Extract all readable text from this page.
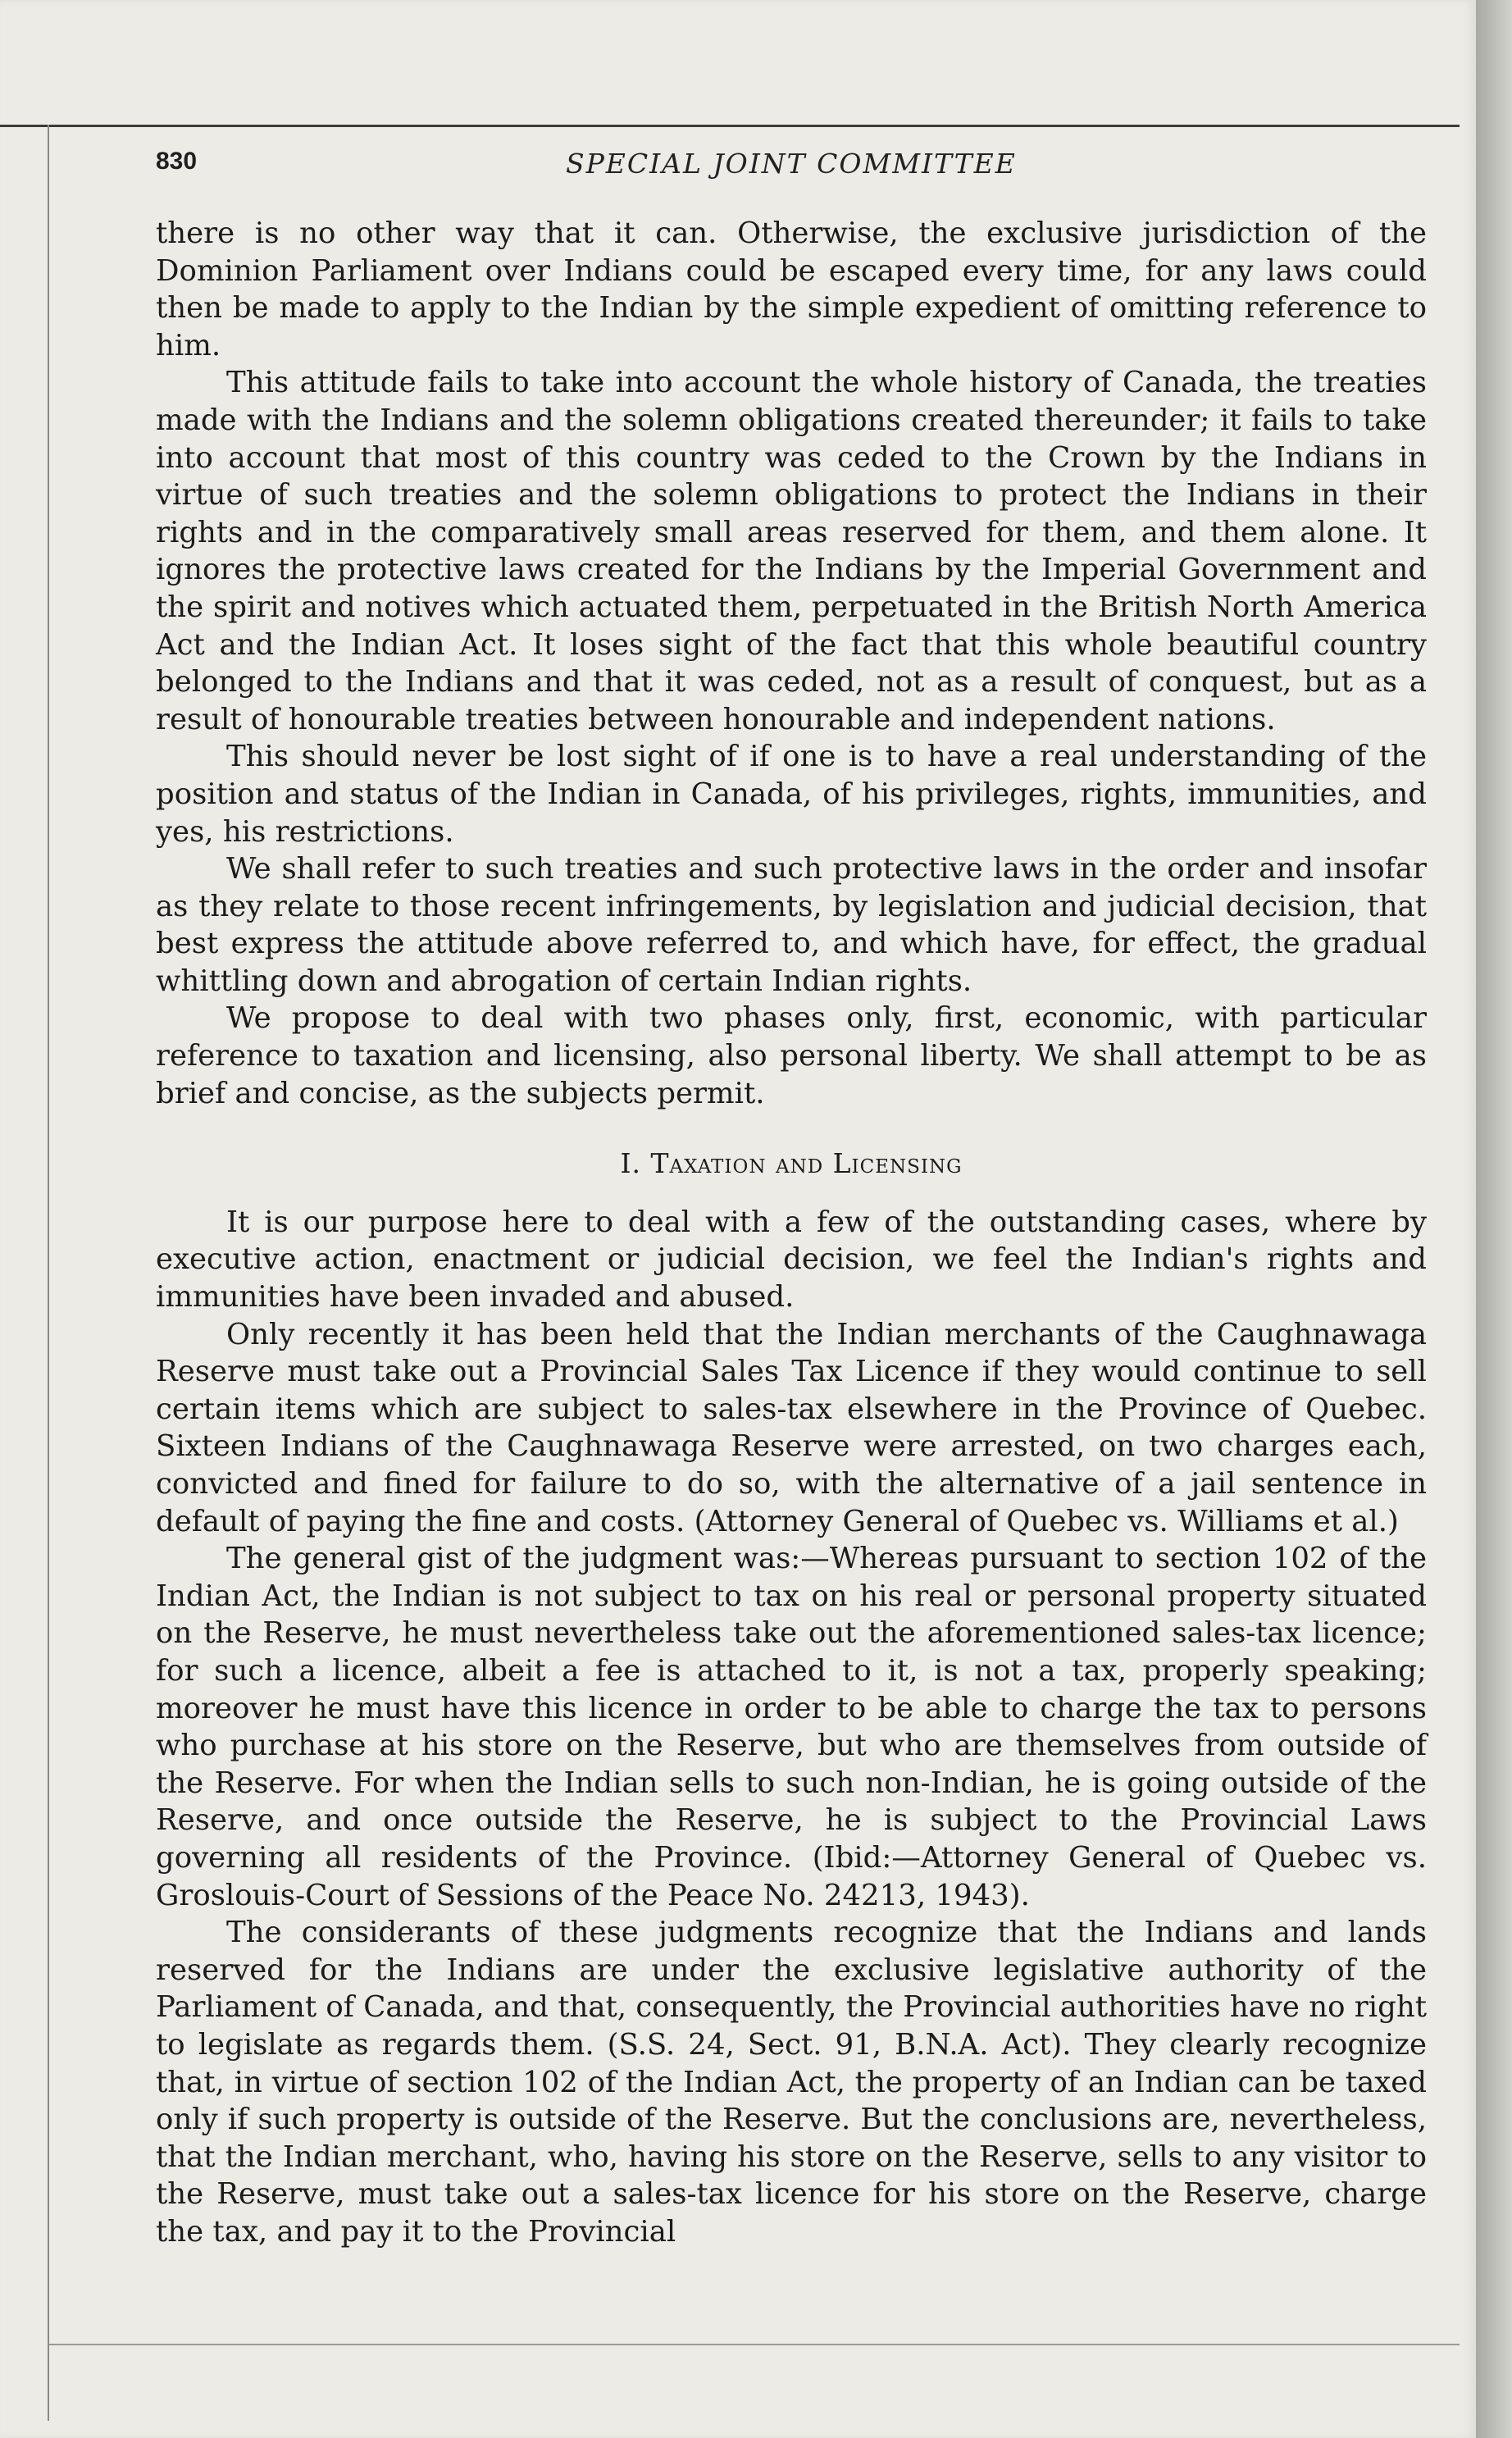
830	SPECIAL JOINT COMMITTEE

there is no other way that it can. Otherwise, the exclusive jurisdiction of the Dominion Parliament over Indians could be escaped every time, for any laws could then be made to apply to the Indian by the simple expedient of omitting reference to him.

This attitude fails to take into account the whole history of Canada, the treaties made with the Indians and the solemn obligations created thereunder; it fails to take into account that most of this country was ceded to the Crown by the Indians in virtue of such treaties and the solemn obligations to protect the Indians in their rights and in the comparatively small areas reserved for them, and them alone. It ignores the protective laws created for the Indians by the Imperial Government and the spirit and notives which actuated them, perpetuated in the British North America Act and the Indian Act. It loses sight of the fact that this whole beautiful country belonged to the Indians and that it was ceded, not as a result of conquest, but as a result of honourable treaties between honourable and independent nations.

This should never be lost sight of if one is to have a real understanding of the position and status of the Indian in Canada, of his privileges, rights, immunities, and yes, his restrictions.

We shall refer to such treaties and such protective laws in the order and insofar as they relate to those recent infringements, by legislation and judicial decision, that best express the attitude above referred to, and which have, for effect, the gradual whittling down and abrogation of certain Indian rights.

We propose to deal with two phases only, first, economic, with particular reference to taxation and licensing, also personal liberty. We shall attempt to be as brief and concise, as the subjects permit.

I. Taxation and Licensing

It is our purpose here to deal with a few of the outstanding cases, where by executive action, enactment or judicial decision, we feel the Indian's rights and immunities have been invaded and abused.

Only recently it has been held that the Indian merchants of the Caughnawaga Reserve must take out a Provincial Sales Tax Licence if they would continue to sell certain items which are subject to sales-tax elsewhere in the Province of Quebec. Sixteen Indians of the Caughnawaga Reserve were arrested, on two charges each, convicted and fined for failure to do so, with the alternative of a jail sentence in default of paying the fine and costs. (Attorney General of Quebec vs. Williams et al.)

The general gist of the judgment was:—Whereas pursuant to section 102 of the Indian Act, the Indian is not subject to tax on his real or personal property situated on the Reserve, he must nevertheless take out the aforementioned sales-tax licence; for such a licence, albeit a fee is attached to it, is not a tax, properly speaking; moreover he must have this licence in order to be able to charge the tax to persons who purchase at his store on the Reserve, but who are themselves from outside of the Reserve. For when the Indian sells to such non-Indian, he is going outside of the Reserve, and once outside the Reserve, he is subject to the Provincial Laws governing all residents of the Province. (Ibid:—Attorney General of Quebec vs. Groslouis-Court of Sessions of the Peace No. 24213, 1943).

The considerants of these judgments recognize that the Indians and lands reserved for the Indians are under the exclusive legislative authority of the Parliament of Canada, and that, consequently, the Provincial authorities have no right to legislate as regards them. (S.S. 24, Sect. 91, B.N.A. Act). They clearly recognize that, in virtue of section 102 of the Indian Act, the property of an Indian can be taxed only if such property is outside of the Reserve. But the conclusions are, nevertheless, that the Indian merchant, who, having his store on the Reserve, sells to any visitor to the Reserve, must take out a sales-tax licence for his store on the Reserve, charge the tax, and pay it to the Provincial
